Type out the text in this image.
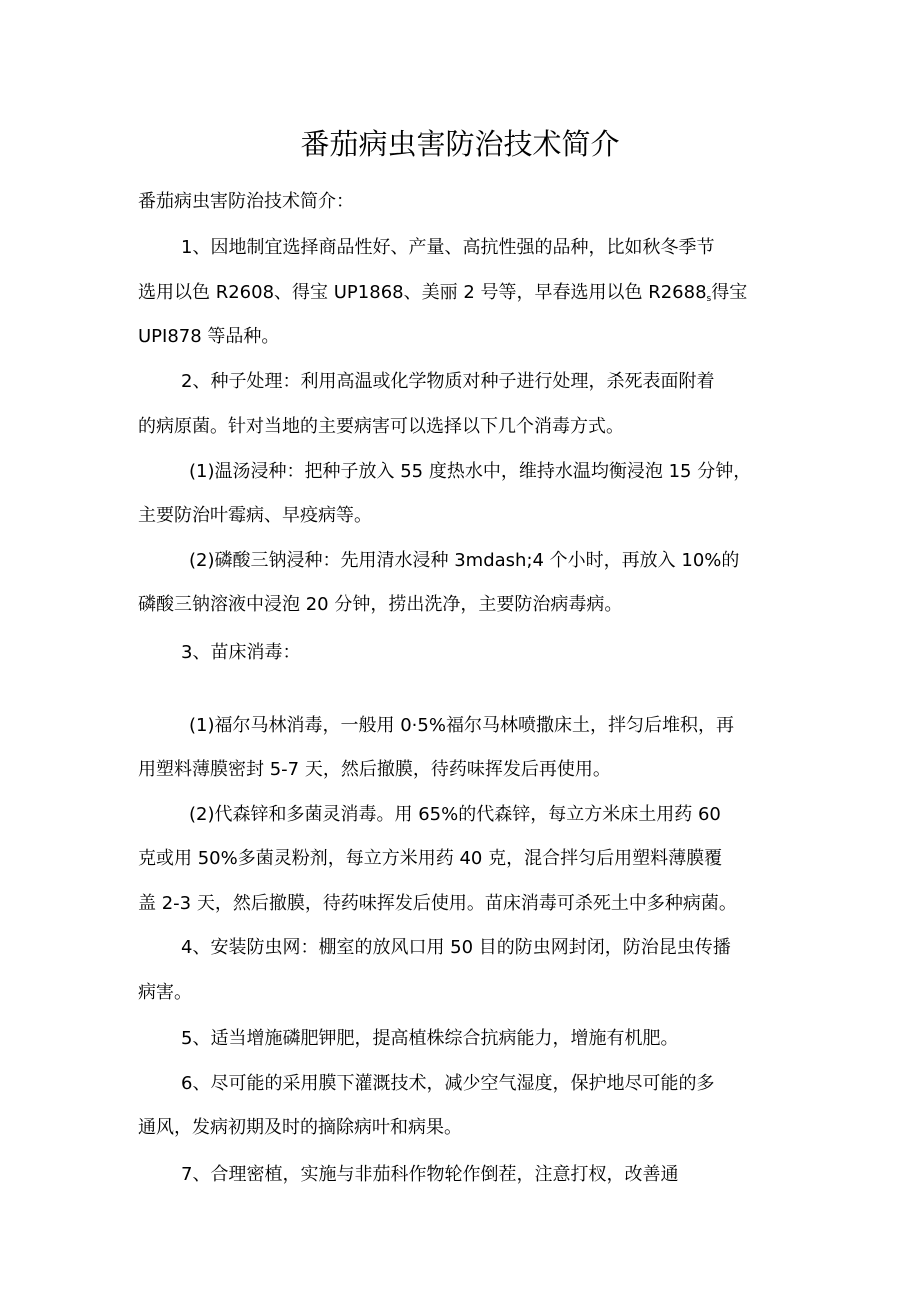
番茄病虫害防治技术简介
番茄病虫害防治技术简介：
1、因地制宜选择商品性好、产量、高抗性强的品种，比如秋冬季节
选用以色 R2608、得宝 UP1868、美丽 2 号等，早春选用以色 $R2688_s$得宝
UPI878 等品种。
2、种子处理：利用高温或化学物质对种子进行处理，杀死表面附着
的病原菌。针对当地的主要病害可以选择以下几个消毒方式。
(1)温汤浸种：把种子放入 55 度热水中，维持水温均衡浸泡 15 分钟，
主要防治叶霉病、早疫病等。
(2)磷酸三钠浸种：先用清水浸种 3mdash;4 个小时，再放入 10%的
磷酸三钠溶液中浸泡 20 分钟，捞出洗净，主要防治病毒病。
3、苗床消毒：
(1)福尔马林消毒，一般用 0·5%福尔马林喷撒床土，拌匀后堆积，再
用塑料薄膜密封 5-7 天，然后撤膜，待药味挥发后再使用。
(2)代森锌和多菌灵消毒。用 65%的代森锌，每立方米床土用药 60
克或用 50%多菌灵粉剂，每立方米用药 40 克，混合拌匀后用塑料薄膜覆
盖 2-3 天，然后撤膜，待药味挥发后使用。苗床消毒可杀死土中多种病菌。
4、安装防虫网：棚室的放风口用 50 目的防虫网封闭，防治昆虫传播
病害。
5、适当增施磷肥钾肥，提高植株综合抗病能力，增施有机肥。
6、尽可能的采用膜下灌溉技术，减少空气湿度，保护地尽可能的多
通风，发病初期及时的摘除病叶和病果。
7、合理密植，实施与非茄科作物轮作倒茬，注意打杈，改善通
